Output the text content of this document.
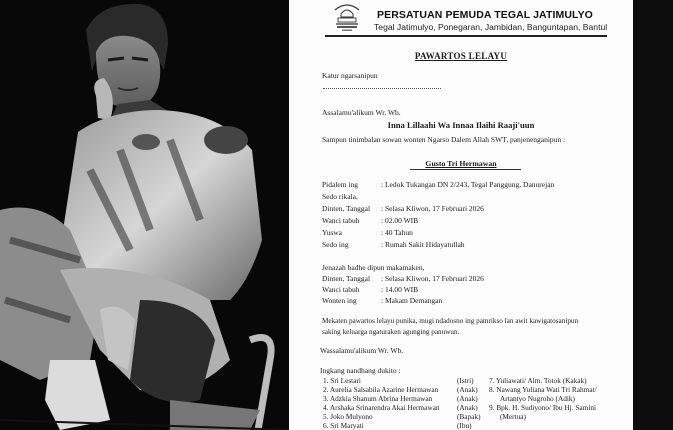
PERSATUAN PEMUDA TEGAL JATIMULYO
Tegal Jatimulyo, Ponegaran, Jambidan, Banguntapan, Bantul
PAWARTOS LELAYU
Katur ngarsanipun
Assalamu'alikum Wr. Wb.
Inna Lillaahi Wa Innaa Ilaihi Raaji'uun
Sampun tinimbalan sowan wonten Ngarso Dalem Allah SWT, panjenenganipun :
Gusto Tri Hermawan
Pidalem ing	: Ledok Tukangan DN 2/243, Tegal Panggung, Danurejan
Sedo rikala,
Dinten, Tanggal : Selasa Kliwon, 17 Februari 2026
Wanci tabuh	: 02.00 WIB
Yuswa	: 40 Tahun
Sedo ing	: Rumah Sakit Hidayatullah
Jenazah badhe dipun makamaken,
Dinten, Tanggal : Selasa Kliwon, 17 Februari 2026
Wanci tabuh	: 14.00 WIB
Wonten ing	: Makam Demangan
Mekaten pawartos lelayu punika, mugi ndadosno ing pamrikso lan awit kawigatosanipun
saking keluarga ngaturaken agunging panuwun.
Wassalamu'alikum Wr. Wb.
Ingkang nandhang dukito :
1. Sri Lestari	(Istri)
2. Aurelia Salsabila Azarine Hermawan	(Anak)
3. Adzkia Shanum Abrina Hermawan	(Anak)
4. Arshaka Srinarendra Akai Hermawan (Anak)
5. Joko Mulyono	(Bapak)
6. Sri Maryati	(Ibu)
7. Yuliawati/ Alm. Totok (Kakak)
8. Nawang Yuliana Wati Tri Rahmat/
Artantyo Nugroho (Adik)
9. Bpk. H. Sudiyono/ Ibu Hj. Samini
(Mertua)
